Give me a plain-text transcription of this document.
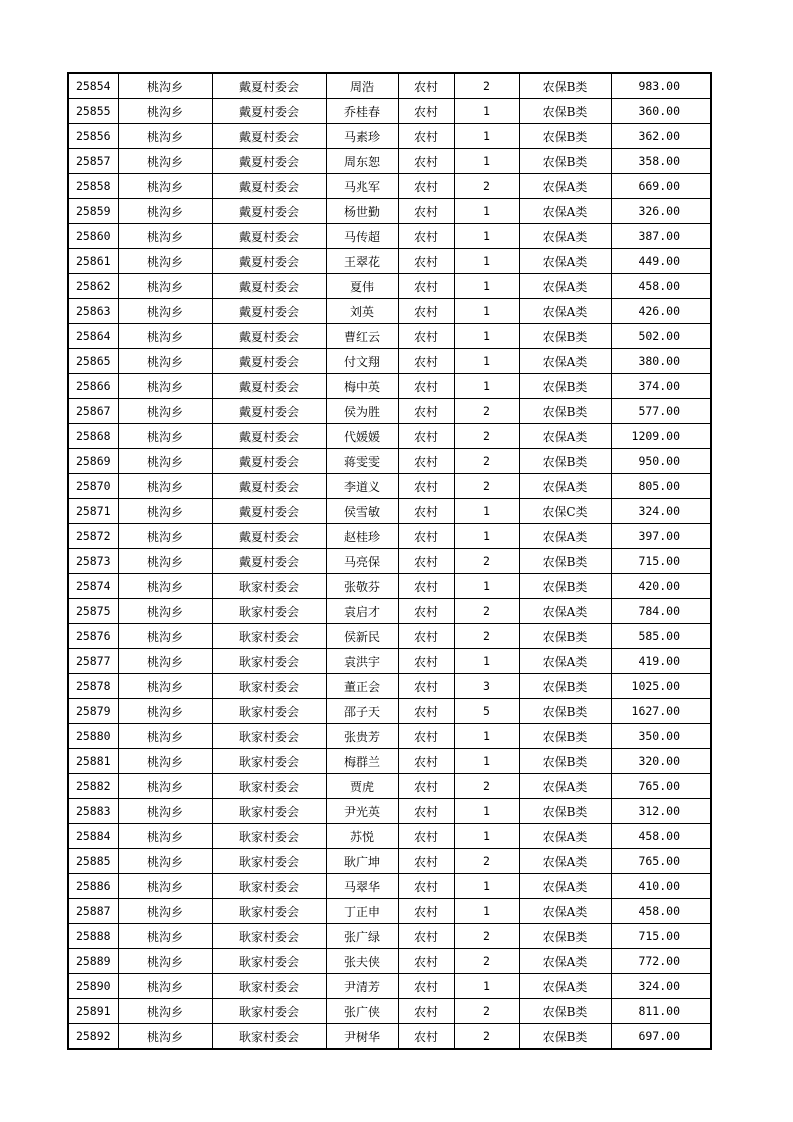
25854	桃沟乡	戴夏村委会	周浩	农村	2	农保B类	983.00
25855	桃沟乡	戴夏村委会	乔桂春	农村	1	农保B类	360.00
25856	桃沟乡	戴夏村委会	马素珍	农村	1	农保B类	362.00
25857	桃沟乡	戴夏村委会	周东恕	农村	1	农保B类	358.00
25858	桃沟乡	戴夏村委会	马兆军	农村	2	农保A类	669.00
25859	桃沟乡	戴夏村委会	杨世勤	农村	1	农保A类	326.00
25860	桃沟乡	戴夏村委会	马传超	农村	1	农保A类	387.00
25861	桃沟乡	戴夏村委会	王翠花	农村	1	农保A类	449.00
25862	桃沟乡	戴夏村委会	夏伟	农村	1	农保A类	458.00
25863	桃沟乡	戴夏村委会	刘英	农村	1	农保A类	426.00
25864	桃沟乡	戴夏村委会	曹红云	农村	1	农保B类	502.00
25865	桃沟乡	戴夏村委会	付文翔	农村	1	农保A类	380.00
25866	桃沟乡	戴夏村委会	梅中英	农村	1	农保B类	374.00
25867	桃沟乡	戴夏村委会	侯为胜	农村	2	农保B类	577.00
25868	桃沟乡	戴夏村委会	代媛媛	农村	2	农保A类	1209.00
25869	桃沟乡	戴夏村委会	蒋雯雯	农村	2	农保B类	950.00
25870	桃沟乡	戴夏村委会	李道义	农村	2	农保A类	805.00
25871	桃沟乡	戴夏村委会	侯雪敏	农村	1	农保C类	324.00
25872	桃沟乡	戴夏村委会	赵桂珍	农村	1	农保A类	397.00
25873	桃沟乡	戴夏村委会	马亮保	农村	2	农保B类	715.00
25874	桃沟乡	耿家村委会	张敬芬	农村	1	农保B类	420.00
25875	桃沟乡	耿家村委会	袁启才	农村	2	农保A类	784.00
25876	桃沟乡	耿家村委会	侯新民	农村	2	农保B类	585.00
25877	桃沟乡	耿家村委会	袁洪宇	农村	1	农保A类	419.00
25878	桃沟乡	耿家村委会	董正会	农村	3	农保B类	1025.00
25879	桃沟乡	耿家村委会	邵子天	农村	5	农保B类	1627.00
25880	桃沟乡	耿家村委会	张贵芳	农村	1	农保B类	350.00
25881	桃沟乡	耿家村委会	梅群兰	农村	1	农保B类	320.00
25882	桃沟乡	耿家村委会	贾虎	农村	2	农保A类	765.00
25883	桃沟乡	耿家村委会	尹光英	农村	1	农保B类	312.00
25884	桃沟乡	耿家村委会	苏悦	农村	1	农保A类	458.00
25885	桃沟乡	耿家村委会	耿广坤	农村	2	农保A类	765.00
25886	桃沟乡	耿家村委会	马翠华	农村	1	农保A类	410.00
25887	桃沟乡	耿家村委会	丁正申	农村	1	农保A类	458.00
25888	桃沟乡	耿家村委会	张广绿	农村	2	农保B类	715.00
25889	桃沟乡	耿家村委会	张夫侠	农村	2	农保A类	772.00
25890	桃沟乡	耿家村委会	尹清芳	农村	1	农保A类	324.00
25891	桃沟乡	耿家村委会	张广侠	农村	2	农保B类	811.00
25892	桃沟乡	耿家村委会	尹树华	农村	2	农保B类	697.00
